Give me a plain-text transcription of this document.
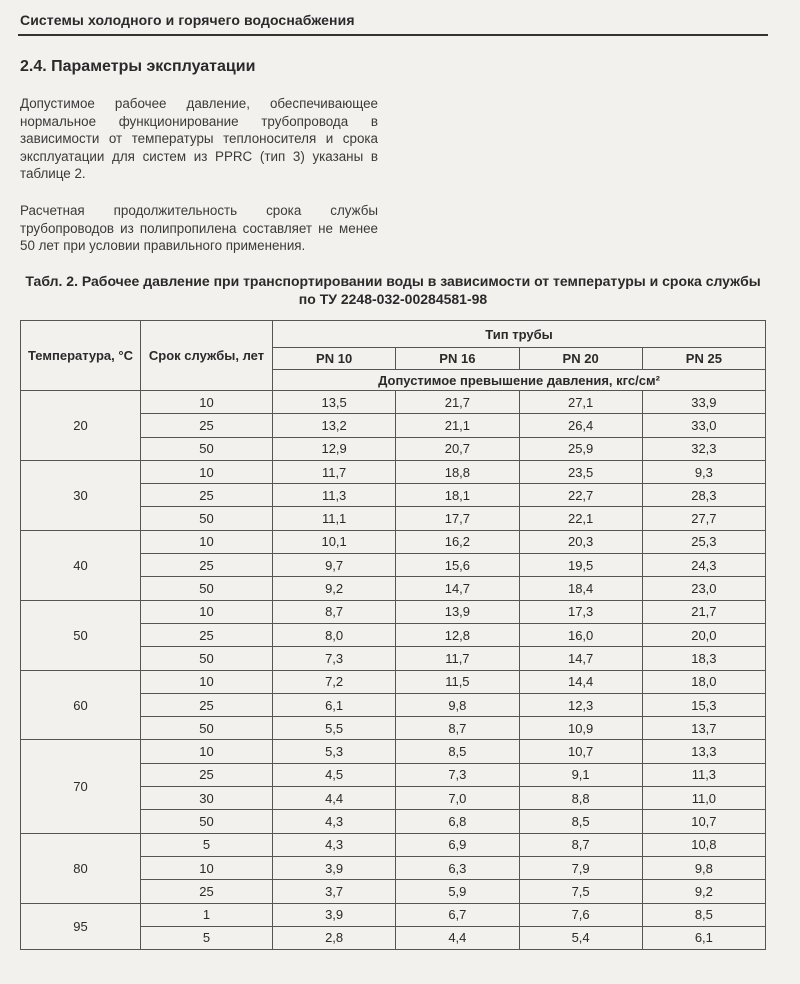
Системы холодного и горячего водоснабжения
2.4. Параметры эксплуатации
Допустимое рабочее давление, обеспечивающее нормальное функционирование трубопровода в зависимости от температуры теплоносителя и срока эксплуатации для систем из PPRC (тип 3) указаны в таблице 2.
Расчетная продолжительность срока службы трубопроводов из полипропилена составляет не менее 50 лет при условии правильного применения.
Табл. 2. Рабочее давление при транспортировании воды в зависимости от температуры и срока службы по ТУ 2248-032-00284581-98
Температура, °С	Срок службы, лет	Тип трубы			
		PN 10	PN 16	PN 20	PN 25
		Допустимое превышение давления, кгс/см²			
20	10	13,5	21,7	27,1	33,9
	25	13,2	21,1	26,4	33,0
	50	12,9	20,7	25,9	32,3
30	10	11,7	18,8	23,5	9,3
	25	11,3	18,1	22,7	28,3
	50	11,1	17,7	22,1	27,7
40	10	10,1	16,2	20,3	25,3
	25	9,7	15,6	19,5	24,3
	50	9,2	14,7	18,4	23,0
50	10	8,7	13,9	17,3	21,7
	25	8,0	12,8	16,0	20,0
	50	7,3	11,7	14,7	18,3
60	10	7,2	11,5	14,4	18,0
	25	6,1	9,8	12,3	15,3
	50	5,5	8,7	10,9	13,7
70	10	5,3	8,5	10,7	13,3
	25	4,5	7,3	9,1	11,3
	30	4,4	7,0	8,8	11,0
	50	4,3	6,8	8,5	10,7
80	5	4,3	6,9	8,7	10,8
	10	3,9	6,3	7,9	9,8
	25	3,7	5,9	7,5	9,2
95	1	3,9	6,7	7,6	8,5
	5	2,8	4,4	5,4	6,1
